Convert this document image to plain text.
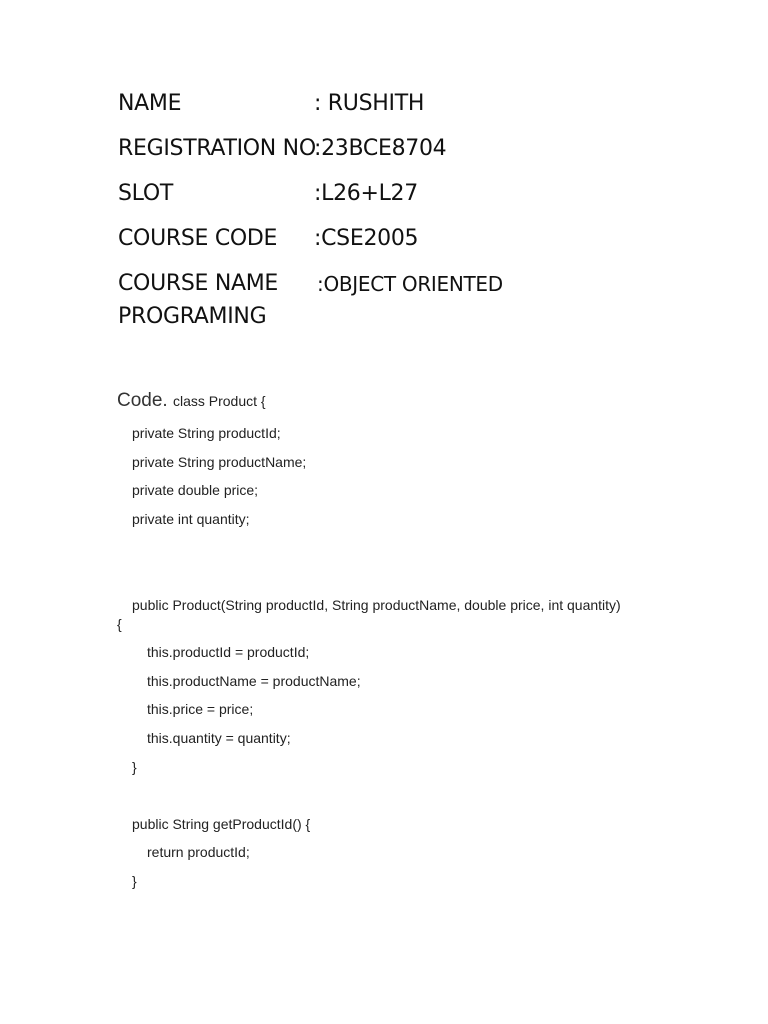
NAME	: RUSHITH
REGISTRATION NO
:23BCE8704
SLOT	:L26+L27
COURSE CODE :CSE2005
COURSE NAME :OBJECT ORIENTED
PROGRAMING
Code. class Product {
private String productId;
private String productName;
private double price;
private int quantity;
public Product(String productId, String productName, double price, int quantity)
{
this.productId = productId;
this.productName = productName;
this.price = price;
this.quantity = quantity;
}
public String getProductId() {
return productId;
}
